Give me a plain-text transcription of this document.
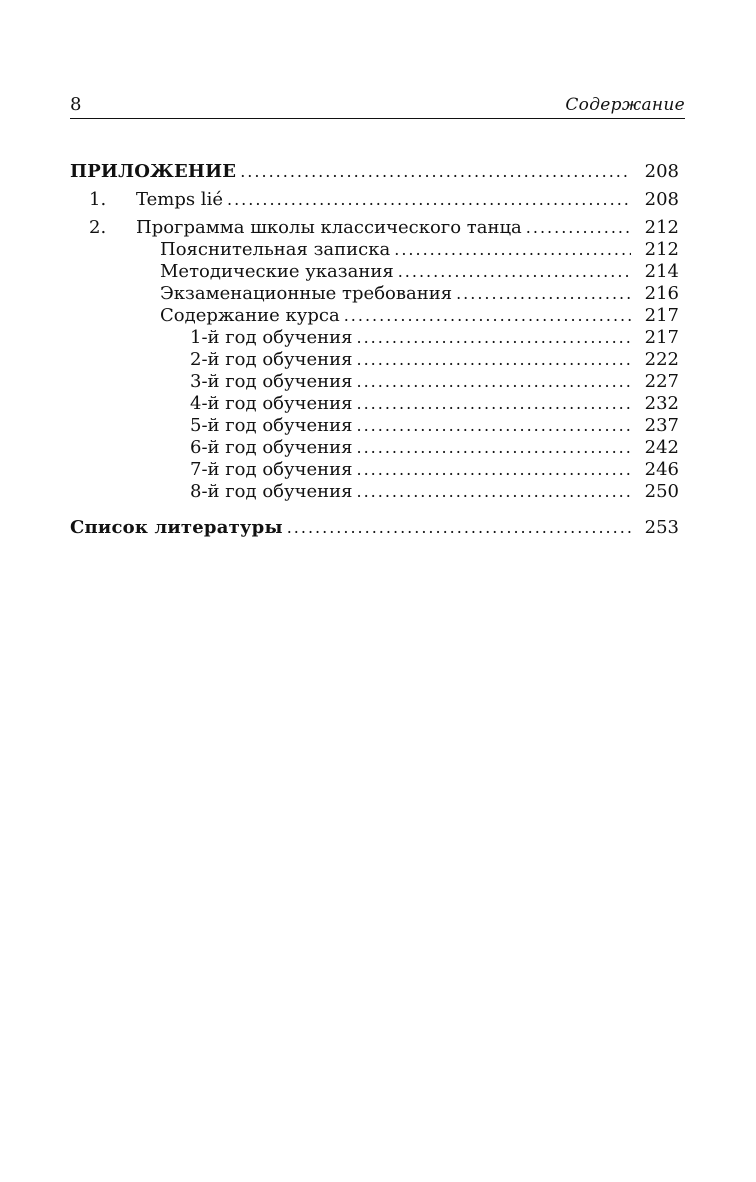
8	Содержание
ПРИЛОЖЕНИЕ .....	208
1.	Temps lié .....	208
2.	Программа школы классического танца .....	212
Пояснительная записка .....	212
Методические указания .....	214
Экзаменационные требования .....	216
Содержание курса .....	217
1-й год обучения .....	217
2-й год обучения .....	222
3-й год обучения .....	227
4-й год обучения .....	232
5-й год обучения .....	237
6-й год обучения .....	242
7-й год обучения .....	246
8-й год обучения .....	250
Список литературы .....	253
